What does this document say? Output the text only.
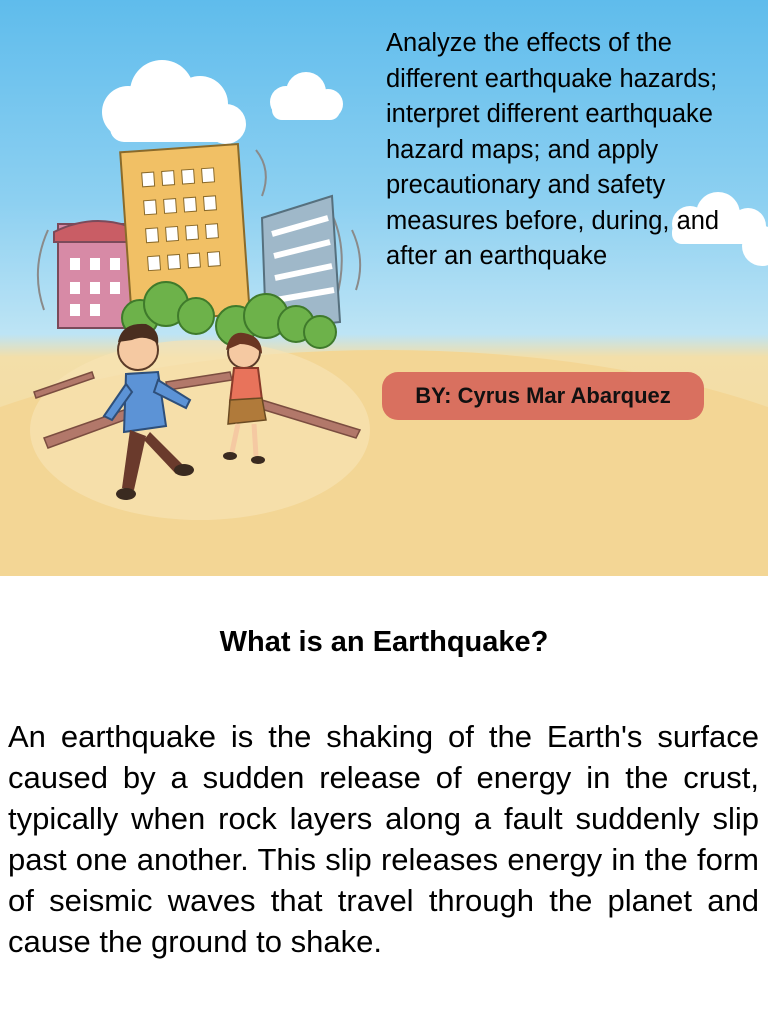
Analyze the effects of the different earthquake hazards; interpret different earthquake hazard maps; and apply precautionary and safety measures before, during, and after an earthquake
BY: Cyrus Mar Abarquez
What is an Earthquake?

An earthquake is the shaking of the Earth's surface caused by a sudden release of energy in the crust, typically when rock layers along a fault suddenly slip past one another. This slip releases energy in the form of seismic waves that travel through the planet and cause the ground to shake.
